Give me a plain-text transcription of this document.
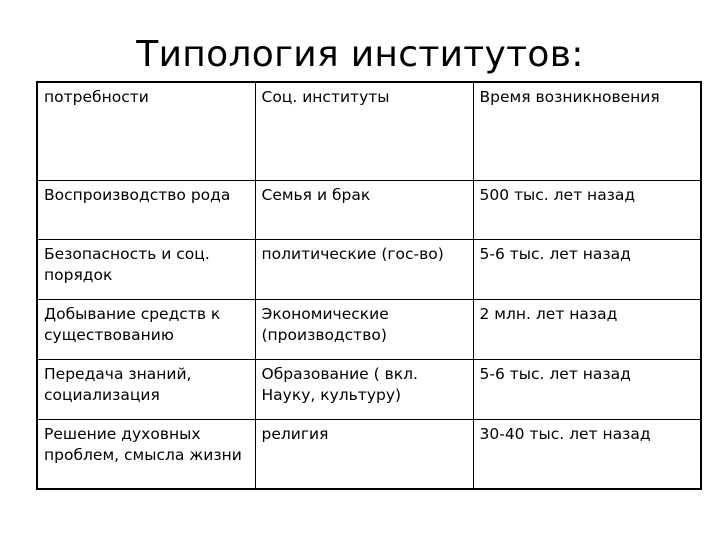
Типология институтов:
потребности	Соц. институты	Время возникновения
Воспроизводство рода	Семья и брак	500 тыс. лет назад
Безопасность и соц. порядок	политические (гос-во)	5-6 тыс. лет назад
Добывание средств к существованию	Экономические (производство)	2 млн. лет назад
Передача знаний, социализация	Образование ( вкл. Науку, культуру)	5-6 тыс. лет назад
Решение духовных проблем, смысла жизни	религия	30-40 тыс. лет назад
